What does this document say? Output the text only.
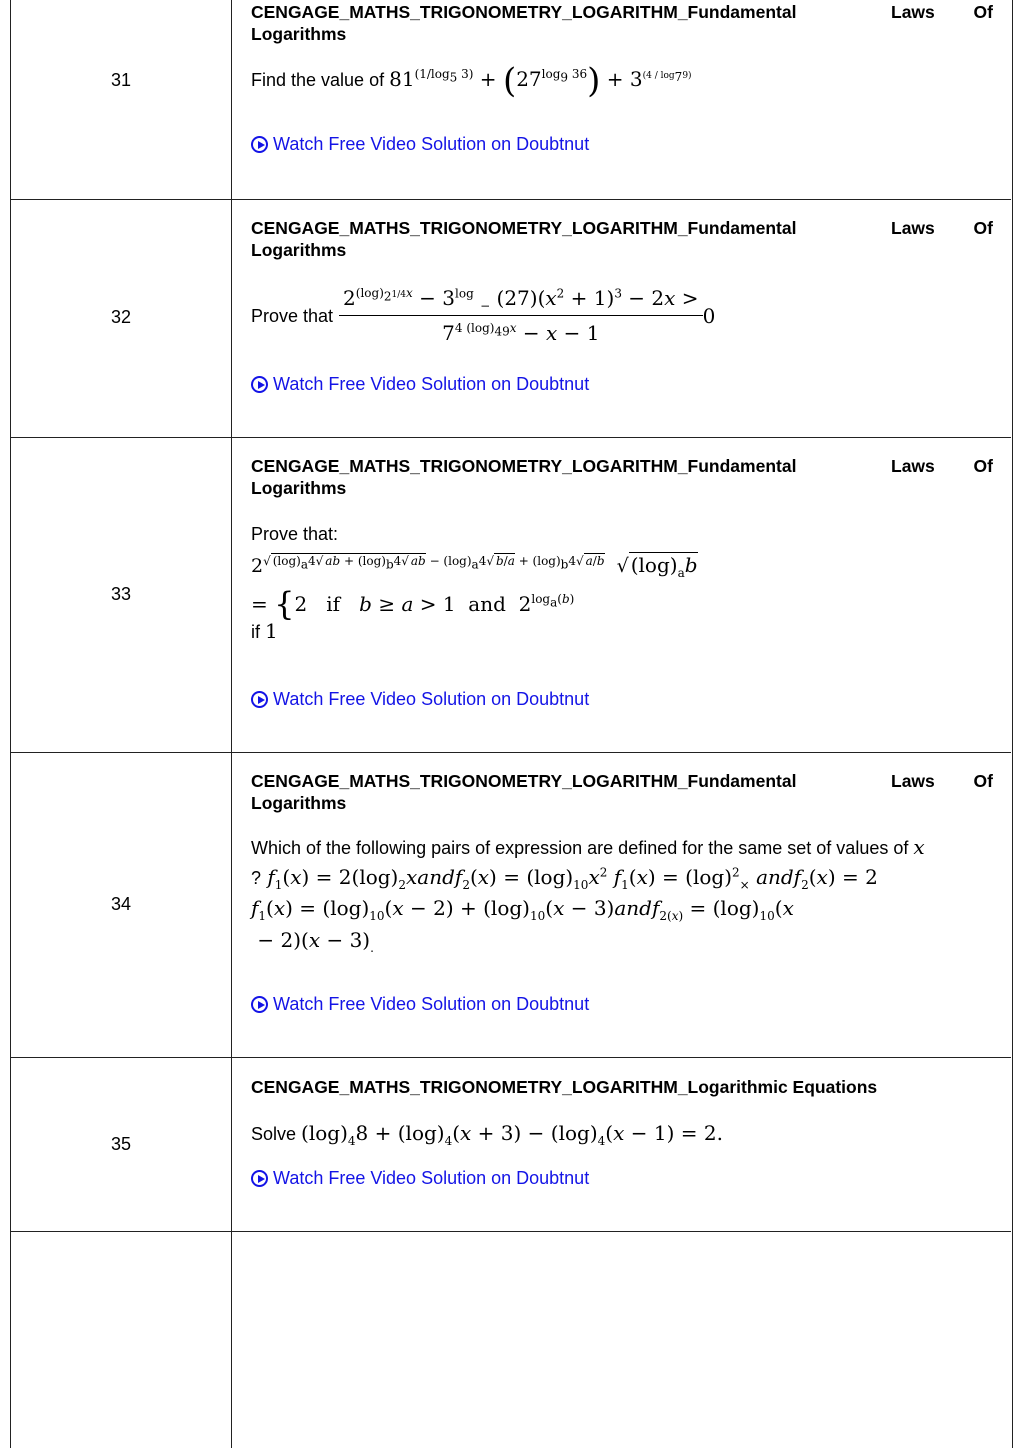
31
CENGAGE_MATHS_TRIGONOMETRY_LOGARITHM_Fundamental	Laws Of
Logarithms
Find the value of $81^{(1/log_5 3)} + (27^{log_9 36}) + 3^{(4 / log_79)}$
Watch Free Video Solution on Doubtnut
32
CENGAGE_MATHS_TRIGONOMETRY_LOGARITHM_Fundamental	Laws Of
Logarithms
Prove that $\frac{2^{(log)_21/4x} - 3^{log} _- (27)(x^2 + 1)^3 - 2x >}{7^{4 (log)_{49}x} - x - 1} 0$
Watch Free Video Solution on Doubtnut
33
CENGAGE_MATHS_TRIGONOMETRY_LOGARITHM_Fundamental	Laws Of
Logarithms
Prove that:
$2^{√ (log)_a4√ ab + (log)_b4√ ab - (log)_a4√ b/a + (log)_b4√ a/b}$  √ $(\log)_ab$
= {2   if   b ≥ a > 1  and  $2^{log_a(b)}$
if 1
Watch Free Video Solution on Doubtnut
34
CENGAGE_MATHS_TRIGONOMETRY_LOGARITHM_Fundamental	Laws Of
Logarithms
Which of the following pairs of expression are defined for the same set of values of x
? $f_1(x)$ = $2(\log)_2xandf_2(x) = (\log)_{10}x^2$ $f_1(x) = (\log)^2_\times$ andf$_2$(x) = 2
$f_1(x) = (\log)_{10}(x - 2) + (\log)_{10}(x$ − 3)andf$_{2(x)}$ = $(\log)_{10}(x$
− $2)(x - 3)_.$
Watch Free Video Solution on Doubtnut
35
CENGAGE_MATHS_TRIGONOMETRY_LOGARITHM_Logarithmic Equations
Solve $(\log)_48 + (\log)_4(x + 3) - (\log)_4(x - 1) = 2$.
Watch Free Video Solution on Doubtnut
